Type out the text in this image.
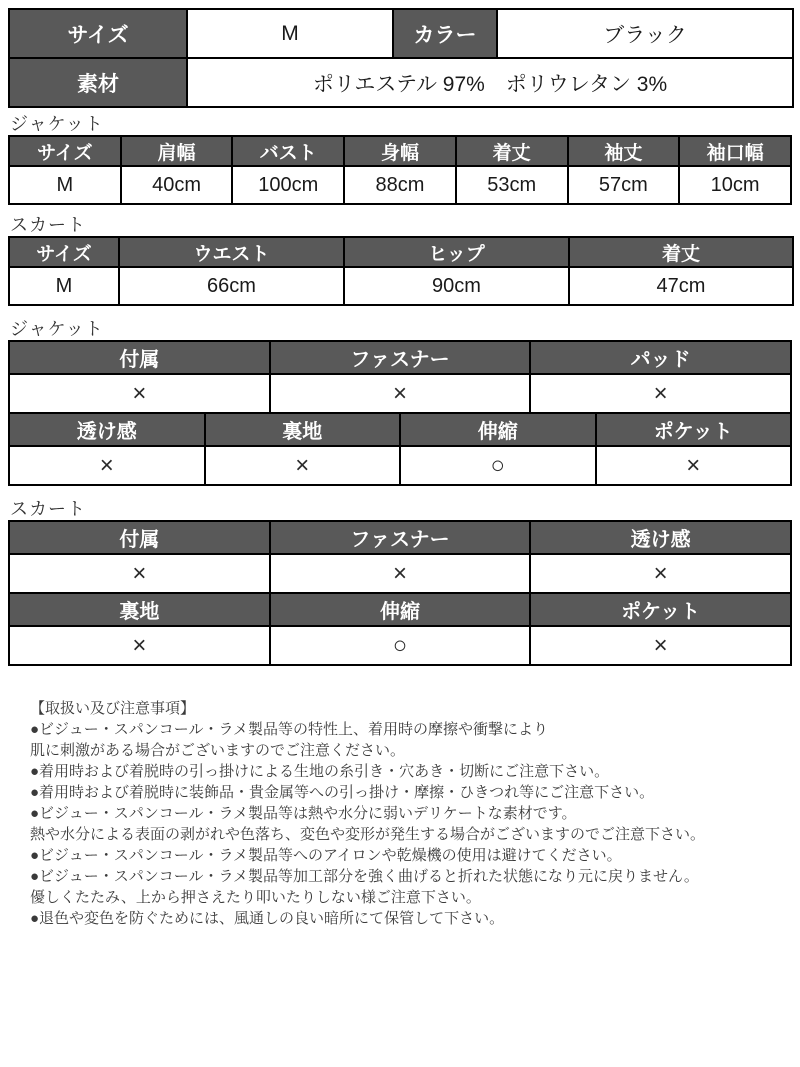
サイズ	M	カラー	ブラック
素材	ポリエステル 97%　ポリウレタン 3%		
ジャケット
サイズ	肩幅	バスト	身幅	着丈	袖丈	袖口幅
M	40cm	100cm	88cm	53cm	57cm	10cm
スカート
サイズ	ウエスト	ヒップ	着丈
M	66cm	90cm	47cm
ジャケット
付属	ファスナー	パッド
×	×	×
透け感	裏地	伸縮	ポケット
×	×	○	×
スカート
付属	ファスナー	透け感
×	×	×
裏地	伸縮	ポケット
×	○	×
【取扱い及び注意事項】
●ビジュー・スパンコール・ラメ製品等の特性上、着用時の摩擦や衝撃により
肌に刺激がある場合がございますのでご注意ください。
●着用時および着脱時の引っ掛けによる生地の糸引き・穴あき・切断にご注意下さい。
●着用時および着脱時に装飾品・貴金属等への引っ掛け・摩擦・ひきつれ等にご注意下さい。
●ビジュー・スパンコール・ラメ製品等は熱や水分に弱いデリケートな素材です。
熱や水分による表面の剥がれや色落ち、変色や変形が発生する場合がございますのでご注意下さい。
●ビジュー・スパンコール・ラメ製品等へのアイロンや乾燥機の使用は避けてください。
●ビジュー・スパンコール・ラメ製品等加工部分を強く曲げると折れた状態になり元に戻りません。
優しくたたみ、上から押さえたり叩いたりしない様ご注意下さい。
●退色や変色を防ぐためには、風通しの良い暗所にて保管して下さい。
